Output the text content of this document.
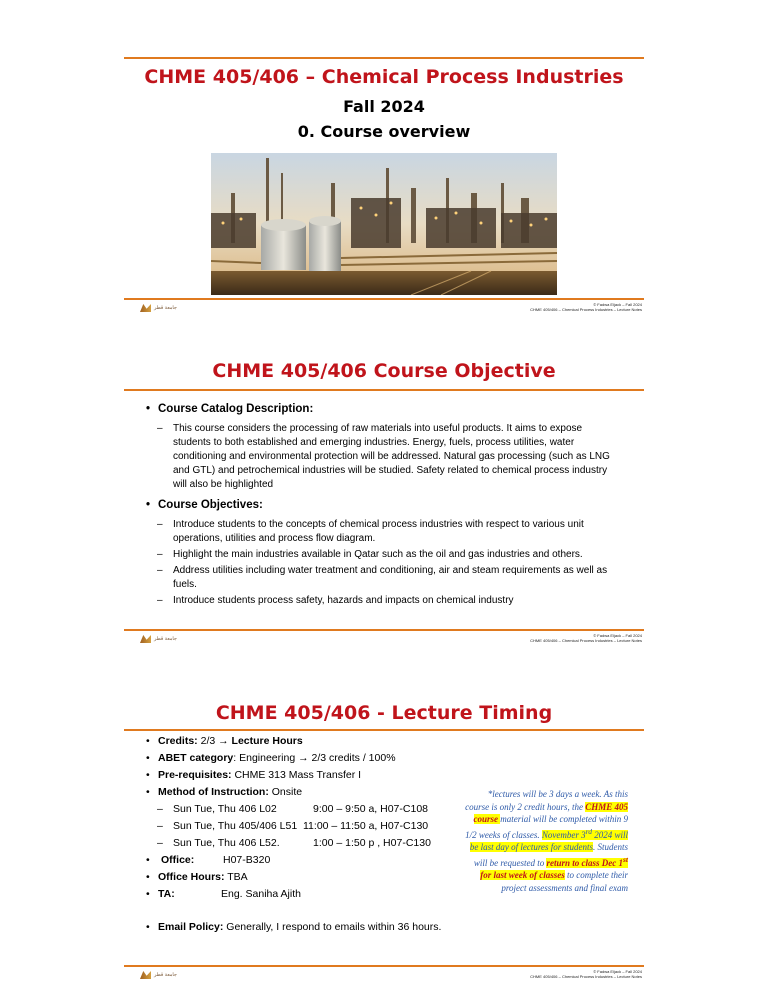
CHME 405/406 – Chemical Process Industries
Fall 2024
0. Course overview
جامعة قطر	© Fadwa Eljack – Fall 2024
CHME 405/406 – Chemical Process Industries – Lecture Notes
CHME 405/406 Course Objective
• Course Catalog Description:
– This course considers the processing of raw materials into useful products. It aims to expose students to both established and emerging industries. Energy, fuels, process utilities, water conditioning and environmental protection will be addressed. Natural gas processing (such as LNG and GTL) and petrochemical industries will be studied. Safety related to chemical process industry will also be highlighted
• Course Objectives:
– Introduce students to the concepts of chemical process industries with respect to various unit operations, utilities and process flow diagram.
– Highlight the main industries available in Qatar such as the oil and gas industries and others.
– Address utilities including water treatment and conditioning, air and steam requirements as well as fuels.
– Introduce students process safety, hazards and impacts on chemical industry
جامعة قطر	© Fadwa Eljack – Fall 2024
CHME 405/406 – Chemical Process Industries – Lecture Notes
CHME 405/406 - Lecture Timing
• Credits: 2/3 → Lecture Hours
• ABET category: Engineering → 2/3 credits / 100%
• Pre-requisites: CHME 313 Mass Transfer I
• Method of Instruction: Onsite
– Sun Tue, Thu 406 L02	9:00 – 9:50 a, H07-C108
– Sun Tue, Thu 405/406 L51 11:00 – 11:50 a, H07-C130
– Sun Tue, Thu 406 L52.	1:00 – 1:50 p , H07-C130
• Office:	H07-B320
• Office Hours: TBA
• TA:	Eng. Saniha Ajith
• Email Policy: Generally, I respond to emails within 36 hours.
*lectures will be 3 days a week. As this course is only 2 credit hours, the CHME 405 course material will be completed within 9 1/2 weeks of classes. November 3rd 2024 will be last day of lectures for students. Students will be requested to return to class Dec 1st for last week of classes to complete their project assessments and final exam
جامعة قطر	© Fadwa Eljack – Fall 2024
CHME 405/406 – Chemical Process Industries – Lecture Notes
